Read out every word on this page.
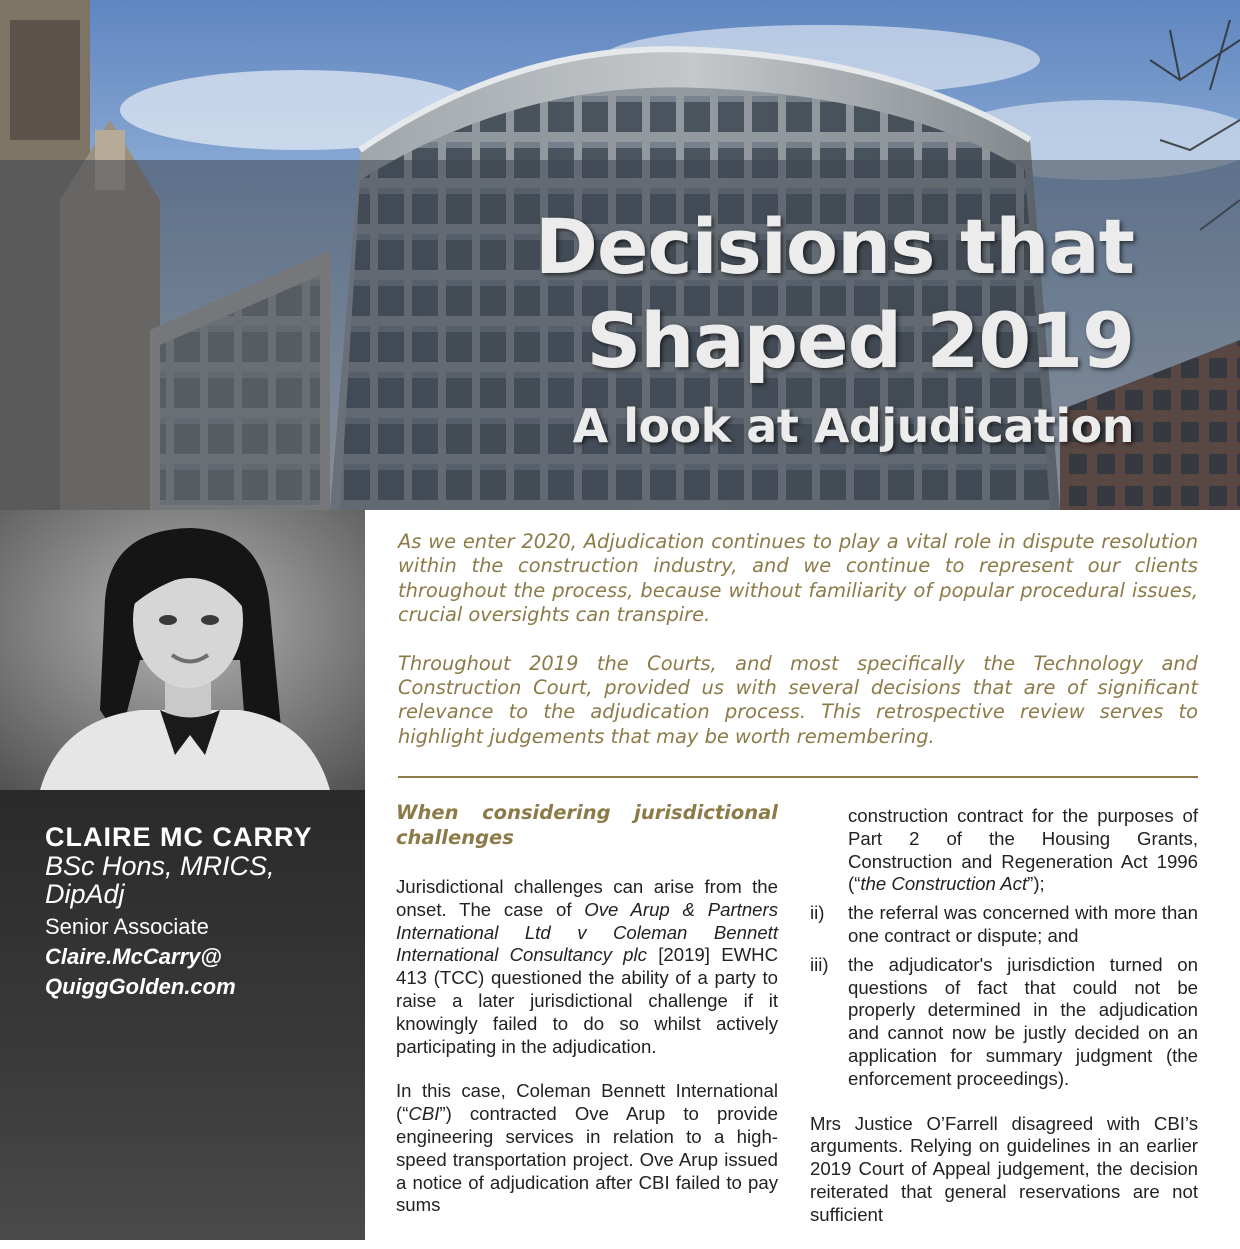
Decisions that
Shaped 2019
A look at Adjudication
CLAIRE MC CARRY
BSc Hons, MRICS, DipAdj
Senior Associate
Claire.McCarry@
QuiggGolden.com

As we enter 2020, Adjudication continues to play a vital role in dispute resolution within the construction industry, and we continue to represent our clients throughout the process, because without familiarity of popular procedural issues, crucial oversights can transpire.

Throughout 2019 the Courts, and most specifically the Technology and Construction Court, provided us with several decisions that are of significant relevance to the adjudication process. This retrospective review serves to highlight judgements that may be worth remembering.

When considering jurisdictional
challenges

Jurisdictional challenges can arise from the onset. The case of Ove Arup & Partners International Ltd v Coleman Bennett International Consultancy plc [2019] EWHC 413 (TCC) questioned the ability of a party to raise a later jurisdictional challenge if it knowingly failed to do so whilst actively participating in the adjudication.

In this case, Coleman Bennett International (“CBI”) contracted Ove Arup to provide engineering services in relation to a high-speed transportation project. Ove Arup issued a notice of adjudication after CBI failed to pay sums

construction contract for the purposes of Part 2 of the Housing Grants, Construction and Regeneration Act 1996 (“the Construction Act”);
ii)	the referral was concerned with more than one contract or dispute; and
iii)	the adjudicator's jurisdiction turned on questions of fact that could not be properly determined in the adjudication and cannot now be justly decided on an application for summary judgment (the enforcement proceedings).

Mrs Justice O’Farrell disagreed with CBI’s arguments. Relying on guidelines in an earlier 2019 Court of Appeal judgement, the decision reiterated that general reservations are not sufficient
